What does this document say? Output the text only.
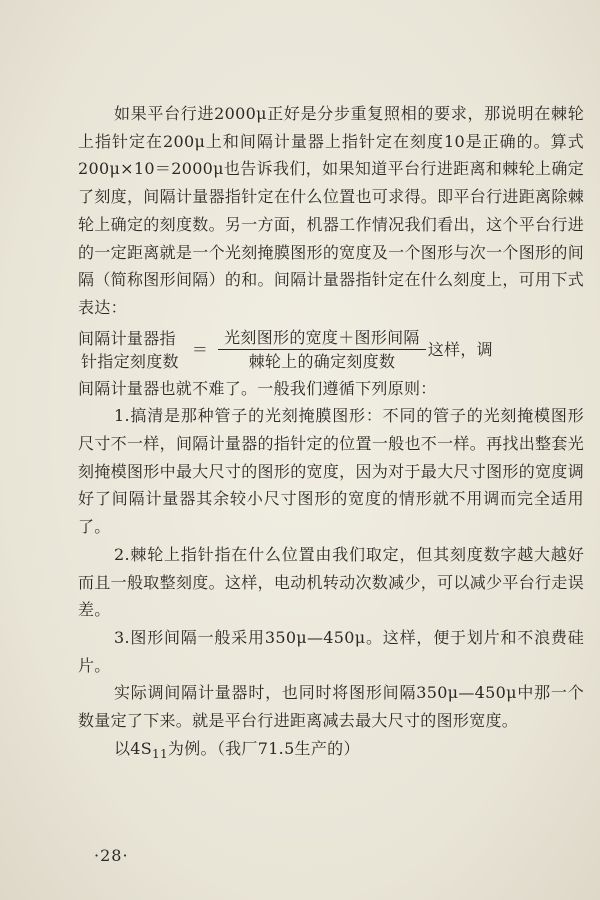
如果平台行进2000μ正好是分步重复照相的要求，那说明在棘轮上指针定在200μ上和间隔计量器上指针定在刻度10是正确的。算式200μ×10＝2000μ也告诉我们，如果知道平台行进距离和棘轮上确定了刻度，间隔计量器指针定在什么位置也可求得。即平台行进距离除棘轮上确定的刻度数。另一方面，机器工作情况我们看出，这个平台行进的一定距离就是一个光刻掩膜图形的宽度及一个图形与次一个图形的间隔（简称图形间隔）的和。间隔计量器指针定在什么刻度上，可用下式表达：

间隔计量器指
针指定刻度数
＝ $\frac{\text{光刻图形的宽度＋图形间隔}}{\text{棘轮上的确定刻度数}}$ 这样，调

间隔计量器也就不难了。一般我们遵循下列原则：

1.搞清是那种管子的光刻掩膜图形：不同的管子的光刻掩模图形尺寸不一样，间隔计量器的指针定的位置一般也不一样。再找出整套光刻掩模图形中最大尺寸的图形的宽度，因为对于最大尺寸图形的宽度调好了间隔计量器其余较小尺寸图形的宽度的情形就不用调而完全适用了。

2.棘轮上指针指在什么位置由我们取定，但其刻度数字越大越好而且一般取整刻度。这样，电动机转动次数减少，可以减少平台行走误差。

3.图形间隔一般采用350μ—450μ。这样，便于划片和不浪费硅片。

实际调间隔计量器时，也同时将图形间隔350μ—450μ中那一个数量定了下来。就是平台行进距离减去最大尺寸的图形宽度。

以$4S_{11}$为例。（我厂71.5生产的）

·28·
